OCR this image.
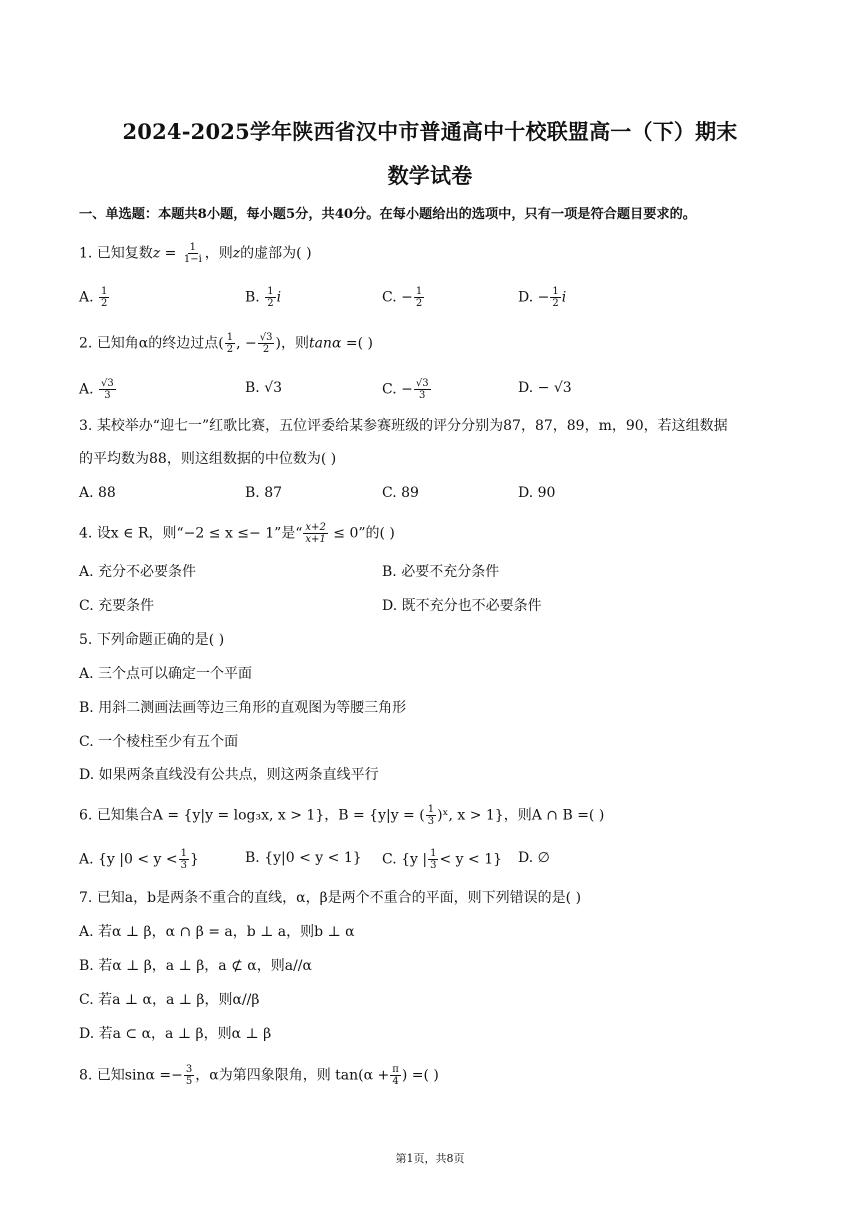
2024-2025学年陕西省汉中市普通高中十校联盟高一（下）期末
数学试卷
一、单选题：本题共8小题，每小题5分，共40分。在每小题给出的选项中，只有一项是符合题目要求的。
1. 已知复数$z = \frac{1}{1-i}$ ，则z的虚部为( )
A. $\frac{1}{2}$	B. $\frac{1}{2}$ i	C. − $\frac{1}{2}$	D. − $\frac{1}{2}$ i
2. 已知角α的终边过点( $\frac{1}{2}$ , − $\frac{√3}{2}$ )，则tanα =( )
A. $\frac{√3}{3}$	B. √3	C. − $\frac{√3}{3}$	D. − √3
3. 某校举办“迎七一”红歌比赛，五位评委给某参赛班级的评分分别为87，87，89，m，90，若这组数据
的平均数为88，则这组数据的中位数为( )
A. 88	B. 87	C. 89	D. 90
4. 设x ∈ R，则“−2 ≤ x ≤− 1”是“ $\frac{x+2}{x+1} \le 0$”的( )
A. 充分不必要条件	B. 必要不充分条件
C. 充要条件	D. 既不充分也不必要条件
5. 下列命题正确的是( )
A. 三个点可以确定一个平面
B. 用斜二测画法画等边三角形的直观图为等腰三角形
C. 一个棱柱至少有五个面
D. 如果两条直线没有公共点，则这两条直线平行
6. 已知集合A = {y|y = log₃x, x > 1}，B = {y|y = ( $\frac{1}{3}$ )ˣ, x > 1}，则A ∩ B =( )
A. {y $|0 < y < \frac{1}{3}$ }	B. {y|0 < y < 1} C. {y | $\frac{1}{3} < y < 1$} D. ∅
7. 已知a，b是两条不重合的直线，α，β是两个不重合的平面，则下列错误的是( )
A. 若α ⊥ β，α ∩ β = a，b ⊥ a，则b ⊥ α
B. 若α ⊥ β，a ⊥ β，a ⊄ α，则a//α
C. 若a ⊥ α，a ⊥ β，则α//β
D. 若a ⊂ α，a ⊥ β，则α ⊥ β
8. 已知$\sin\alpha =- \frac{3}{5}$ ，α为第四象限角，则 $\tan(\alpha + \frac{\pi}{4}$ ) =( )
第1页，共8页
